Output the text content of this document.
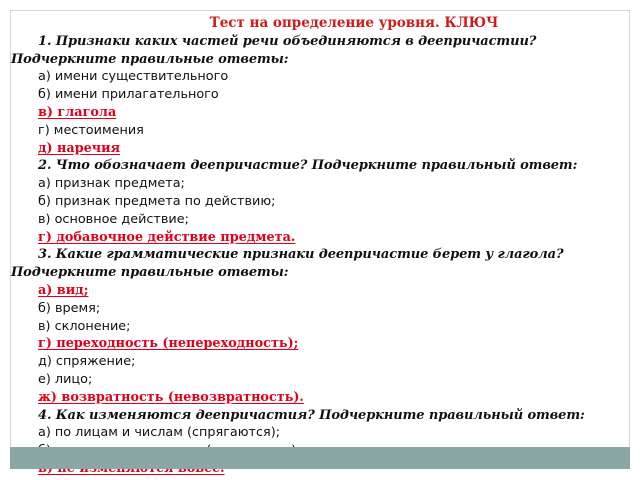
Тест на определение уровня. КЛЮЧ
1. Признаки каких частей речи объединяются в деепричастии? Подчеркните правильные ответы:
а) имени существительного
б) имени прилагательного
в) глагола
г) местоимения
д) наречия
2. Что обозначает деепричастие? Подчеркните правильный ответ:
а) признак предмета;
б) признак предмета по действию;
в) основное действие;
г) добавочное действие предмета.
3. Какие грамматические признаки деепричастие берет у глагола? Подчеркните правильные ответы:
а) вид;
б) время;
в) склонение;
г) переходность (непереходность);
д) спряжение;
е) лицо;
ж) возвратность (невозвратность).
4. Как изменяются деепричастия? Подчеркните правильный ответ:
а) по лицам и числам (спрягаются);
